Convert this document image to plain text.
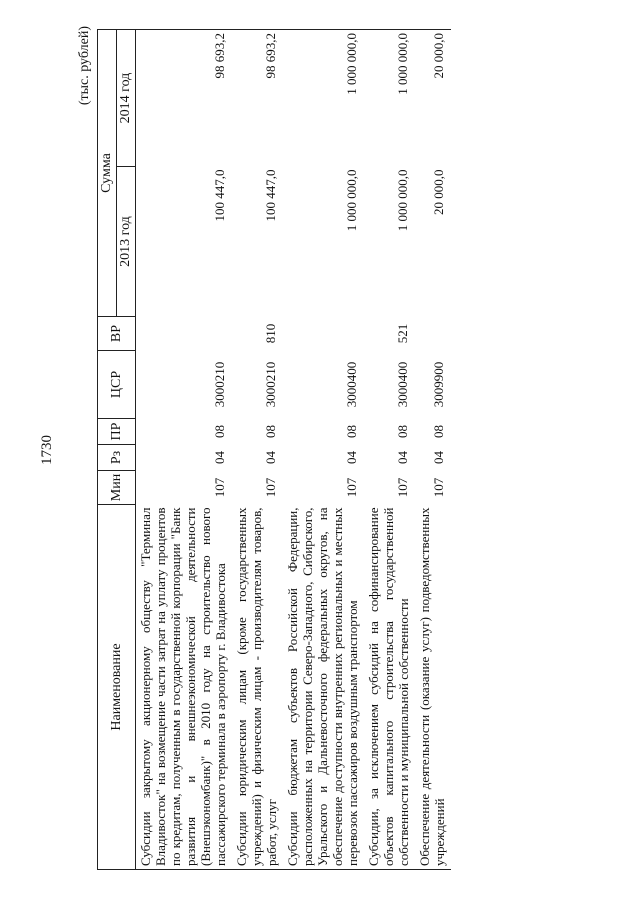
1730
(тыс. рублей)
Наименование	Мин	Рз	ПР	ЦСР	ВР	Сумма	
						2013 год	2014 год
Субсидии закрытому акционерному обществу "Терминал Владивосток" на возмещение части затрат на уплату процентов по кредитам, полученным в государственной корпорации "Банк развития и внешнеэкономической деятельности (Внешэкономбанк)" в 2010 году на строительство нового пассажирского терминала в аэропорту г. Владивостока	107	04	08	3000210		100 447,0	98 693,2
Субсидии юридическим лицам (кроме государственных учреждений) и физическим лицам - производителям товаров, работ, услуг	107	04	08	3000210	810	100 447,0	98 693,2
Субсидии бюджетам субъектов Российской Федерации, расположенных на территории Северо-Западного, Сибирского, Уральского и Дальневосточного федеральных округов, на обеспечение доступности внутренних региональных и местных перевозок пассажиров воздушным транспортом	107	04	08	3000400		1 000 000,0	1 000 000,0
Субсидии, за исключением субсидий на софинансирование объектов капитального строительства государственной собственности и муниципальной собственности	107	04	08	3000400	521	1 000 000,0	1 000 000,0
Обеспечение деятельности (оказание услуг) подведомственных учреждений	107	04	08	3009900		20 000,0	20 000,0
